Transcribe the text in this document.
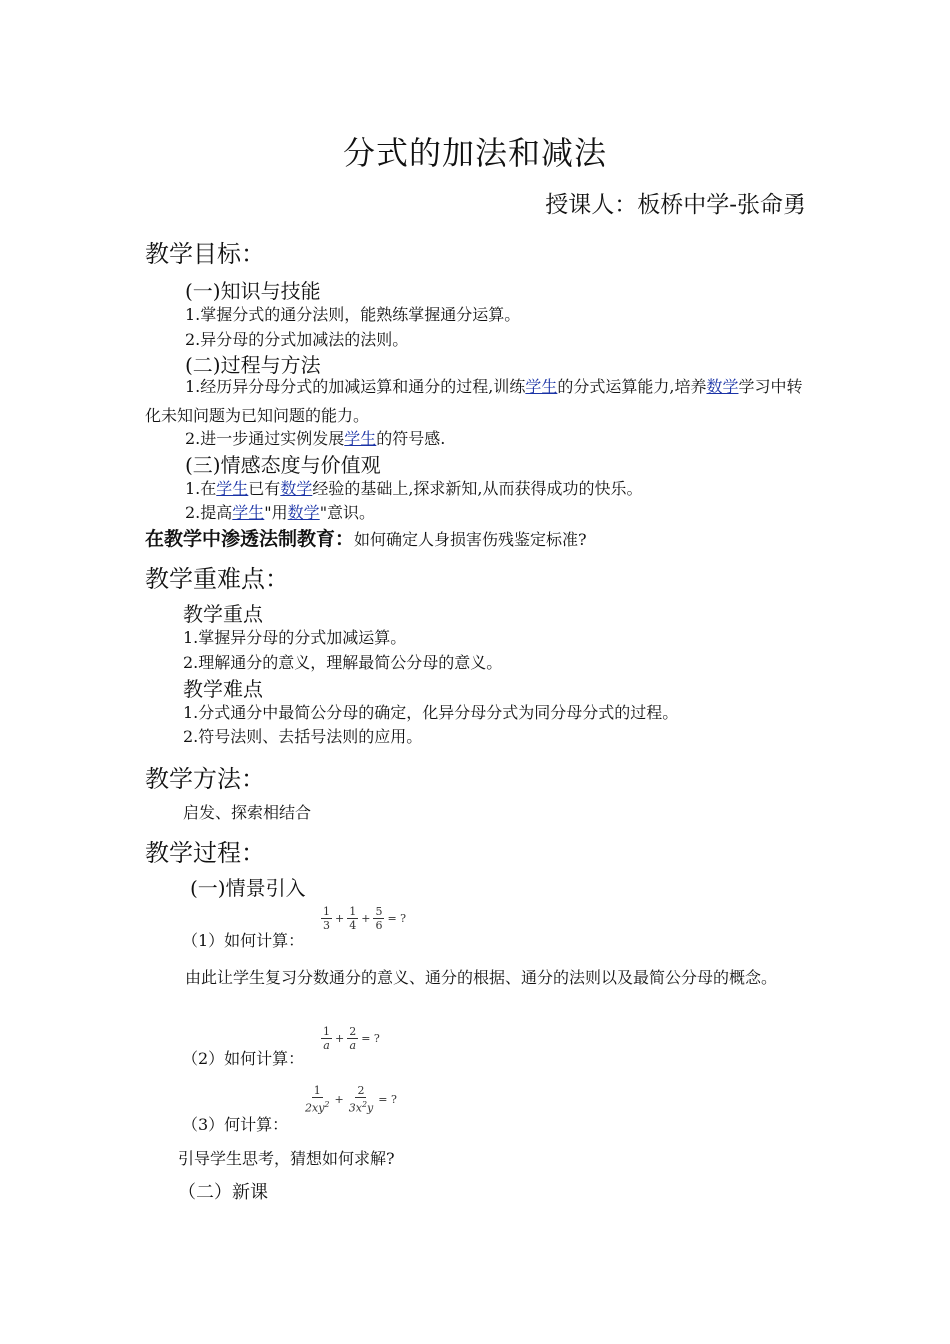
分式的加法和减法
授课人：板桥中学-张命勇
教学目标：
(一)知识与技能
1.掌握分式的通分法则，能熟练掌握通分运算。
2.异分母的分式加减法的法则。
(二)过程与方法
1.经历异分母分式的加减运算和通分的过程,训练学生的分式运算能力,培养数学学习中转化未知问题为已知问题的能力。
2.进一步通过实例发展学生的符号感.
(三)情感态度与价值观
1.在学生已有数学经验的基础上,探求新知,从而获得成功的快乐。
2.提高学生"用数学"意识。
在教学中渗透法制教育：如何确定人身损害伤残鉴定标准?
教学重难点：
教学重点
1.掌握异分母的分式加减运算。
2.理解通分的意义，理解最简公分母的意义。
教学难点
1.分式通分中最简公分母的确定，化异分母分式为同分母分式的过程。
2.符号法则、去括号法则的应用。
教学方法：
启发、探索相结合
教学过程：
(一)情景引入
（1）如何计算：
$\frac{1}{3} + \frac{1}{4} + \frac{5}{6}$ = ?
由此让学生复习分数通分的意义、通分的根据、通分的法则以及最简公分母的概念。
（2）如何计算：
$\frac{1}{a} + \frac{2}{a}$ = ?
（3）何计算：
$\frac{1}{2xy^2} + \frac{2}{3x^2y}$ = ?
引导学生思考，猜想如何求解?
（二）新课
